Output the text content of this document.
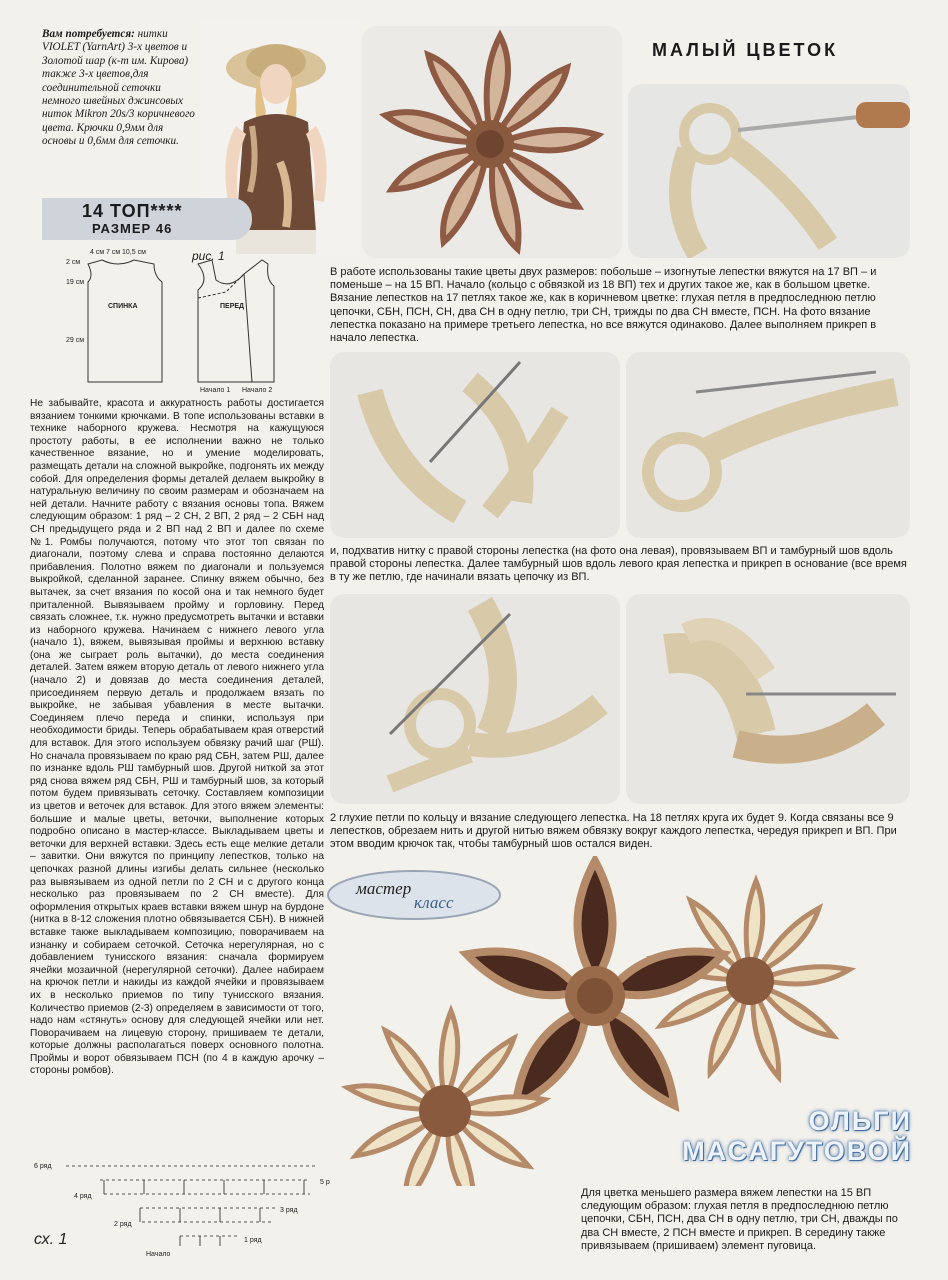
Вам потребуется: нитки VIOLET (YarnArt) 3-х цветов и Золотой шар (к-т им. Кирова) также 3-х цветов,для соединительной сеточки немного швейных джинсовых ниток Mikron 20s/3 коричневого цвета. Крючки 0,9мм для основы и 0,6мм для сеточки.
14 ТОП****
РАЗМЕР 46
4 см 7 см 10,5 см
2 см
19 см
29 см
СПИНКА	ПЕРЕД
Начало 1 Начало 2
рис. 1
Не забывайте, красота и аккуратность работы достигается вязанием тонкими крючками. В топе использованы вставки в технике наборного кружева. Несмотря на кажущуюся простоту работы, в ее исполнении важно не только качественное вязание, но и умение моделировать, размещать детали на сложной выкройке, подгонять их между собой. Для определения формы деталей делаем выкройку в натуральную величину по своим размерам и обозначаем на ней детали. Начните работу с вязания основы топа. Вяжем следующим образом: 1 ряд – 2 СН, 2 ВП, 2 ряд – 2 СБН над СН предыдущего ряда и 2 ВП над 2 ВП и далее по схеме №1. Ромбы получаются, потому что этот топ связан по диагонали, поэтому слева и справа постоянно делаются прибавления. Полотно вяжем по диагонали и пользуемся выкройкой, сделанной заранее. Спинку вяжем обычно, без вытачек, за счет вязания по косой она и так немного будет приталенной. Вывязываем пройму и горловину. Перед связать сложнее, т.к. нужно предусмотреть вытачки и вставки из наборного кружева. Начинаем с нижнего левого угла (начало 1), вяжем, вывязывая проймы и верхнюю вставку (она же сыграет роль вытачки), до места соединения деталей. Затем вяжем вторую деталь от левого нижнего угла (начало 2) и довязав до места соединения деталей, присоединяем первую деталь и продолжаем вязать по выкройке, не забывая убавления в месте вытачки. Соединяем плечо переда и спинки, используя при необходимости бриды. Теперь обрабатываем края отверстий для вставок. Для этого используем обвязку рачий шаг (РШ). Но сначала провязываем по краю ряд СБН, затем РШ, далее по изнанке вдоль РШ тамбурный шов. Другой ниткой за этот ряд снова вяжем ряд СБН, РШ и тамбурный шов, за который потом будем привязывать сеточку. Составляем композиции из цветов и веточек для вставок. Для этого вяжем элементы: большие и малые цветы, веточки, выполнение которых подробно описано в мастер-классе. Выкладываем цветы и веточки для верхней вставки. Здесь есть еще мелкие детали – завитки. Они вяжутся по принципу лепестков, только на цепочках разной длины изгибы делать сильнее (несколько раз вывязываем из одной петли по 2 СН и с другого конца несколько раз провязываем по 2 СН вместе). Для оформления открытых краев вставки вяжем шнур на бурдоне (нитка в 8-12 сложения плотно обвязывается СБН). В нижней вставке также выкладываем композицию, поворачиваем на изнанку и собираем сеточкой. Сеточка нерегулярная, но с добавлением тунисского вязания: сначала формируем ячейки мозаичной (нерегулярной сеточки). Далее набираем на крючок петли и накиды из каждой ячейки и провязываем их в несколько приемов по типу тунисского вязания. Количество приемов (2-3) определяем в зависимости от того, надо нам «стянуть» основу для следующей ячейки или нет. Поворачиваем на лицевую сторону, пришиваем те детали, которые должны располагаться поверх основного полотна. Проймы и ворот обвязываем ПСН (по 4 в каждую арочку – стороны ромбов).
МАЛЫЙ ЦВЕТОК
В работе использованы такие цветы двух размеров: побольше – изогнутые лепестки вяжутся на 17 ВП – и поменьше – на 15 ВП. Начало (кольцо с обвязкой из 18 ВП) тех и других такое же, как в большом цветке. Вязание лепестков на 17 петлях такое же, как в коричневом цветке: глухая петля в предпоследнюю петлю цепочки, СБН, ПСН, СН, два СН в одну петлю, три СН, трижды по два СН вместе, ПСН. На фото вязание лепестка показано на примере третьего лепестка, но все вяжутся одинаково. Далее выполняем прикреп в начало лепестка.
и, подхватив нитку с правой стороны лепестка (на фото она левая), провязываем ВП и тамбурный шов вдоль правой стороны лепестка. Далее тамбурный шов вдоль левого края лепестка и прикреп в основание (все время в ту же петлю, где начинали вязать цепочку из ВП.
2 глухие петли по кольцу и вязание следующего лепестка. На 18 петлях круга их будет 9. Когда связаны все 9 лепестков, обрезаем нить и другой нитью вяжем обвязку вокруг каждого лепестка, чередуя прикреп и ВП. При этом вводим крючок так, чтобы тамбурный шов остался виден.
мастер
класс
ОЛЬГИ
МАСАГУТОВОЙ
Для цветка меньшего размера вяжем лепестки на 15 ВП следующим образом: глухая петля в предпоследнюю петлю цепочки, СБН, ПСН, два СН в одну петлю, три СН, дважды по два СН вместе, 2 ПСН вместе и прикреп. В середину также привязываем (пришиваем) элемент пуговица.
6 ряд
5 р
4 ряд
3 ряд
2 ряд
1 ряд
Начало
сх. 1
